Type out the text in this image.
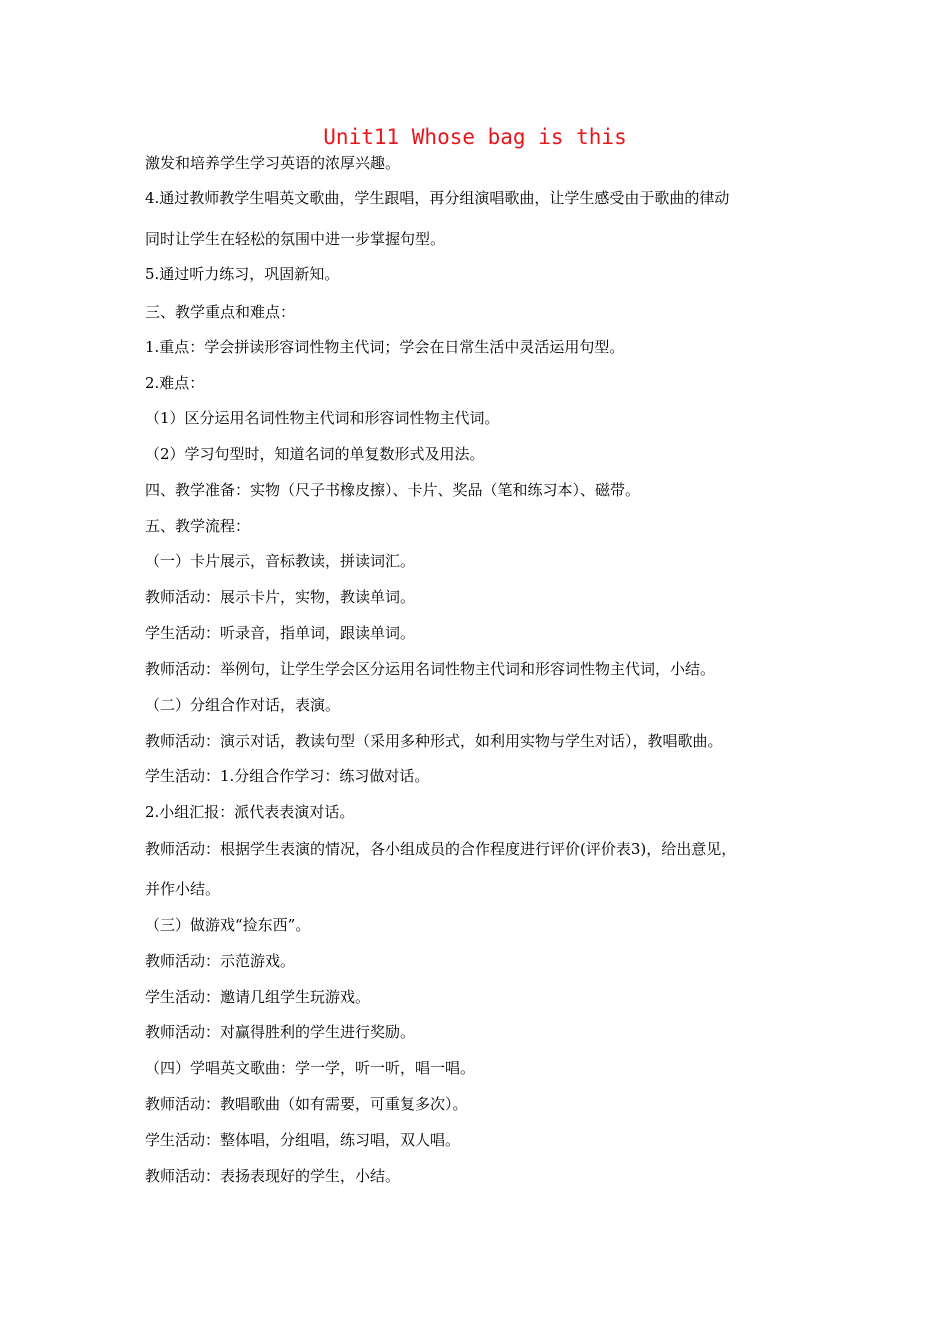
Unit11 Whose bag is this
激发和培养学生学习英语的浓厚兴趣。
4.通过教师教学生唱英文歌曲，学生跟唱，再分组演唱歌曲，让学生感受由于歌曲的律动
同时让学生在轻松的氛围中进一步掌握句型。
5.通过听力练习，巩固新知。
三、教学重点和难点：
1.重点：学会拼读形容词性物主代词；学会在日常生活中灵活运用句型。
2.难点：
（1）区分运用名词性物主代词和形容词性物主代词。
（2）学习句型时，知道名词的单复数形式及用法。
四、教学准备：实物（尺子书橡皮擦）、卡片、奖品（笔和练习本）、磁带。
五、教学流程：
（一）卡片展示，音标教读，拼读词汇。
教师活动：展示卡片，实物，教读单词。
学生活动：听录音，指单词，跟读单词。
教师活动：举例句，让学生学会区分运用名词性物主代词和形容词性物主代词，小结。
（二）分组合作对话，表演。
教师活动：演示对话，教读句型（采用多种形式，如利用实物与学生对话），教唱歌曲。
学生活动：1.分组合作学习：练习做对话。
2.小组汇报：派代表表演对话。
教师活动：根据学生表演的情况，各小组成员的合作程度进行评价(评价表3)，给出意见，
并作小结。
（三）做游戏“捡东西”。
教师活动：示范游戏。
学生活动：邀请几组学生玩游戏。
教师活动：对赢得胜利的学生进行奖励。
（四）学唱英文歌曲：学一学，听一听，唱一唱。
教师活动：教唱歌曲（如有需要，可重复多次）。
学生活动：整体唱，分组唱，练习唱，双人唱。
教师活动：表扬表现好的学生，小结。
